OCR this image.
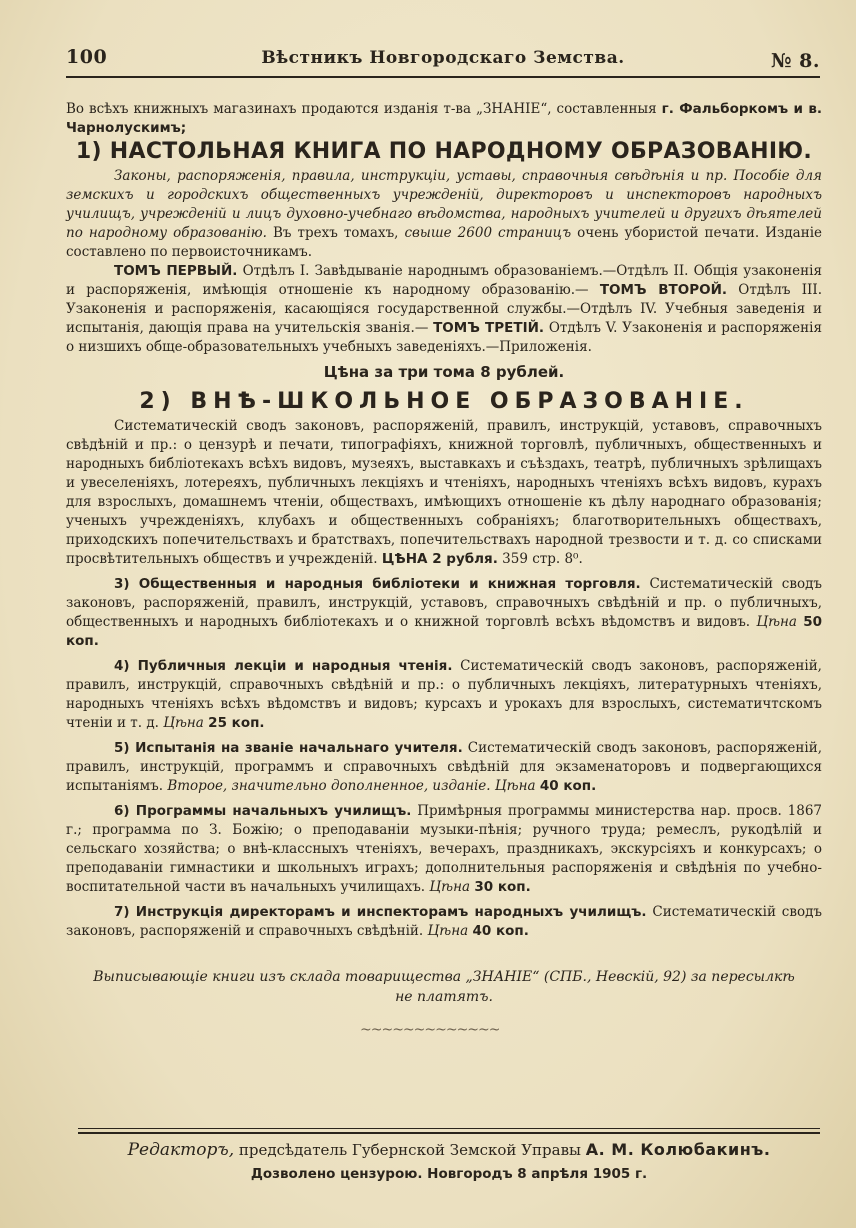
100	Вѣстникъ Новгородскаго Земства.	№ 8.
Во всѣхъ книжныхъ магазинахъ продаются изданія т-ва „ЗНАНІЕ“, составленныя г. Фальборкомъ и в. Чарнолускимъ;
1) НАСТОЛЬНАЯ КНИГА ПО НАРОДНОМУ ОБРАЗОВАНІЮ.

Законы, распоряженія, правила, инструкціи, уставы, справочныя свѣдѣнія и пр. Пособіе для земскихъ и городскихъ общественныхъ учрежденій, директоровъ и инспекторовъ народныхъ училищъ, учрежденій и лицъ духовно-учебнаго вѣдомства, народныхъ учителей и другихъ дѣятелей по народному образованію. Въ трехъ томахъ, свыше 2600 страницъ очень убористой печати. Изданіе составлено по первоисточникамъ.

ТОМЪ ПЕРВЫЙ. Отдѣлъ I. Завѣдываніе народнымъ образованіемъ.—Отдѣлъ II. Общія узаконенія и распоряженія, имѣющія отношеніе къ народному образованію.— ТОМЪ ВТОРОЙ. Отдѣлъ III. Узаконенія и распоряженія, касающіяся государственной службы.—Отдѣлъ IV. Учебныя заведенія и испытанія, дающія права на учительскія званія.— ТОМЪ ТРЕТІЙ. Отдѣлъ V. Узаконенія и распоряженія о низшихъ обще-образовательныхъ учебныхъ заведеніяхъ.—Приложенія.

Цѣна за три тома 8 рублей.
2) ВНѢ-ШКОЛЬНОЕ ОБРАЗОВАНІЕ.

Систематическій сводъ законовъ, распоряженій, правилъ, инструкцій, уставовъ, справочныхъ свѣдѣній и пр.: о цензурѣ и печати, типографіяхъ, книжной торговлѣ, публичныхъ, общественныхъ и народныхъ библіотекахъ всѣхъ видовъ, музеяхъ, выставкахъ и съѣздахъ, театрѣ, публичныхъ зрѣлищахъ и увеселеніяхъ, лотереяхъ, публичныхъ лекціяхъ и чтеніяхъ, народныхъ чтеніяхъ всѣхъ видовъ, курахъ для взрослыхъ, домашнемъ чтеніи, обществахъ, имѣющихъ отношеніе къ дѣлу народнаго образованія; ученыхъ учрежденіяхъ, клубахъ и общественныхъ собраніяхъ; благотворительныхъ обществахъ, приходскихъ попечительствахъ и братствахъ, попечительствахъ народной трезвости и т. д. со списками просвѣтительныхъ обществъ и учрежденій. ЦѢНА 2 рубля. 359 стр. 8⁰.

3) Общественныя и народныя библіотеки и книжная торговля. Систематическій сводъ законовъ, распоряженій, правилъ, инструкцій, уставовъ, справочныхъ свѣдѣній и пр. о публичныхъ, общественныхъ и народныхъ библіотекахъ и о книжной торговлѣ всѣхъ вѣдомствъ и видовъ. Цѣна 50 коп.

4) Публичныя лекціи и народныя чтенія. Систематическій сводъ законовъ, распоряженій, правилъ, инструкцій, справочныхъ свѣдѣній и пр.: о публичныхъ лекціяхъ, литературныхъ чтеніяхъ, народныхъ чтеніяхъ всѣхъ вѣдомствъ и видовъ; курсахъ и урокахъ для взрослыхъ, систематичтскомъ чтеніи и т. д. Цѣна 25 коп.

5) Испытанія на званіе начальнаго учителя. Систематическій сводъ законовъ, распоряженій, правилъ, инструкцій, программъ и справочныхъ свѣдѣній для экзаменаторовъ и подвергающихся испытаніямъ. Второе, значительно дополненное, изданіе. Цѣна 40 коп.

6) Программы начальныхъ училищъ. Примѣрныя программы министерства нар. просв. 1867 г.; программа по З. Божію; о преподаваніи музыки-пѣнія; ручного труда; ремеслъ, рукодѣлій и сельскаго хозяйства; о внѣ-классныхъ чтеніяхъ, вечерахъ, праздникахъ, экскурсіяхъ и конкурсахъ; о преподаваніи гимнастики и школьныхъ играхъ; дополнительныя распоряженія и свѣдѣнія по учебно-воспитательной части въ начальныхъ училищахъ. Цѣна 30 коп.

7) Инструкція директорамъ и инспекторамъ народныхъ училищъ. Систематическій сводъ законовъ, распоряженій и справочныхъ свѣдѣній. Цѣна 40 коп.

Выписывающіе книги изъ склада товарищества „ЗНАНІЕ“ (СПБ., Невскій, 92) за пересылкѣ не платятъ.
~~~~~~~~~~~~~
Редакторъ, предсѣдатель Губернской Земской Управы А. М. Колюбакинъ.
Дозволено цензурою. Новгородъ 8 апрѣля 1905 г.
